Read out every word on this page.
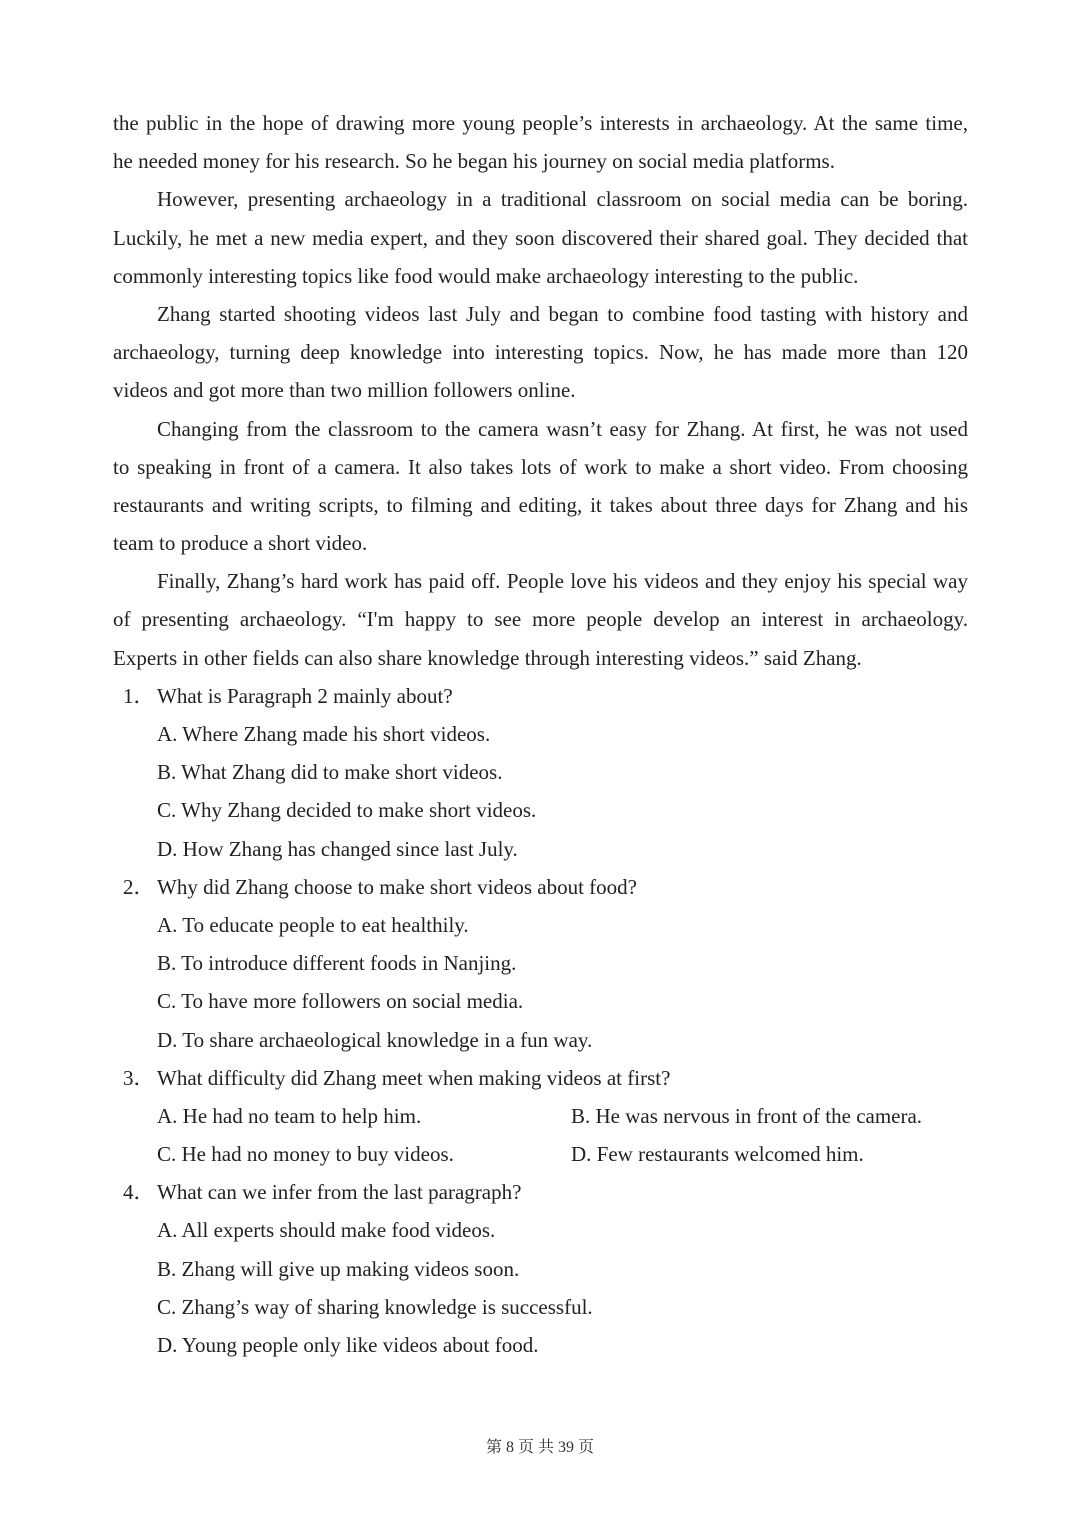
the public in the hope of drawing more young people’s interests in archaeology. At the same time,
he needed money for his research. So he began his journey on social media platforms.
However, presenting archaeology in a traditional classroom on social media can be boring.
Luckily, he met a new media expert, and they soon discovered their shared goal. They decided that
commonly interesting topics like food would make archaeology interesting to the public.
Zhang started shooting videos last July and began to combine food tasting with history and
archaeology, turning deep knowledge into interesting topics. Now, he has made more than 120
videos and got more than two million followers online.
Changing from the classroom to the camera wasn’t easy for Zhang. At first, he was not used
to speaking in front of a camera. It also takes lots of work to make a short video. From choosing
restaurants and writing scripts, to filming and editing, it takes about three days for Zhang and his
team to produce a short video.
Finally, Zhang’s hard work has paid off. People love his videos and they enjoy his special way
of presenting archaeology. “I'm happy to see more people develop an interest in archaeology.
Experts in other fields can also share knowledge through interesting videos.” said Zhang.
1． What is Paragraph 2 mainly about?
A. Where Zhang made his short videos.
B. What Zhang did to make short videos.
C. Why Zhang decided to make short videos.
D. How Zhang has changed since last July.
2． Why did Zhang choose to make short videos about food?
A. To educate people to eat healthily.
B. To introduce different foods in Nanjing.
C. To have more followers on social media.
D. To share archaeological knowledge in a fun way.
3． What difficulty did Zhang meet when making videos at first?
A. He had no team to help him.	B. He was nervous in front of the camera.
C. He had no money to buy videos.	D. Few restaurants welcomed him.
4． What can we infer from the last paragraph?
A. All experts should make food videos.
B. Zhang will give up making videos soon.
C. Zhang’s way of sharing knowledge is successful.
D. Young people only like videos about food.
第 8 页 共 39 页
